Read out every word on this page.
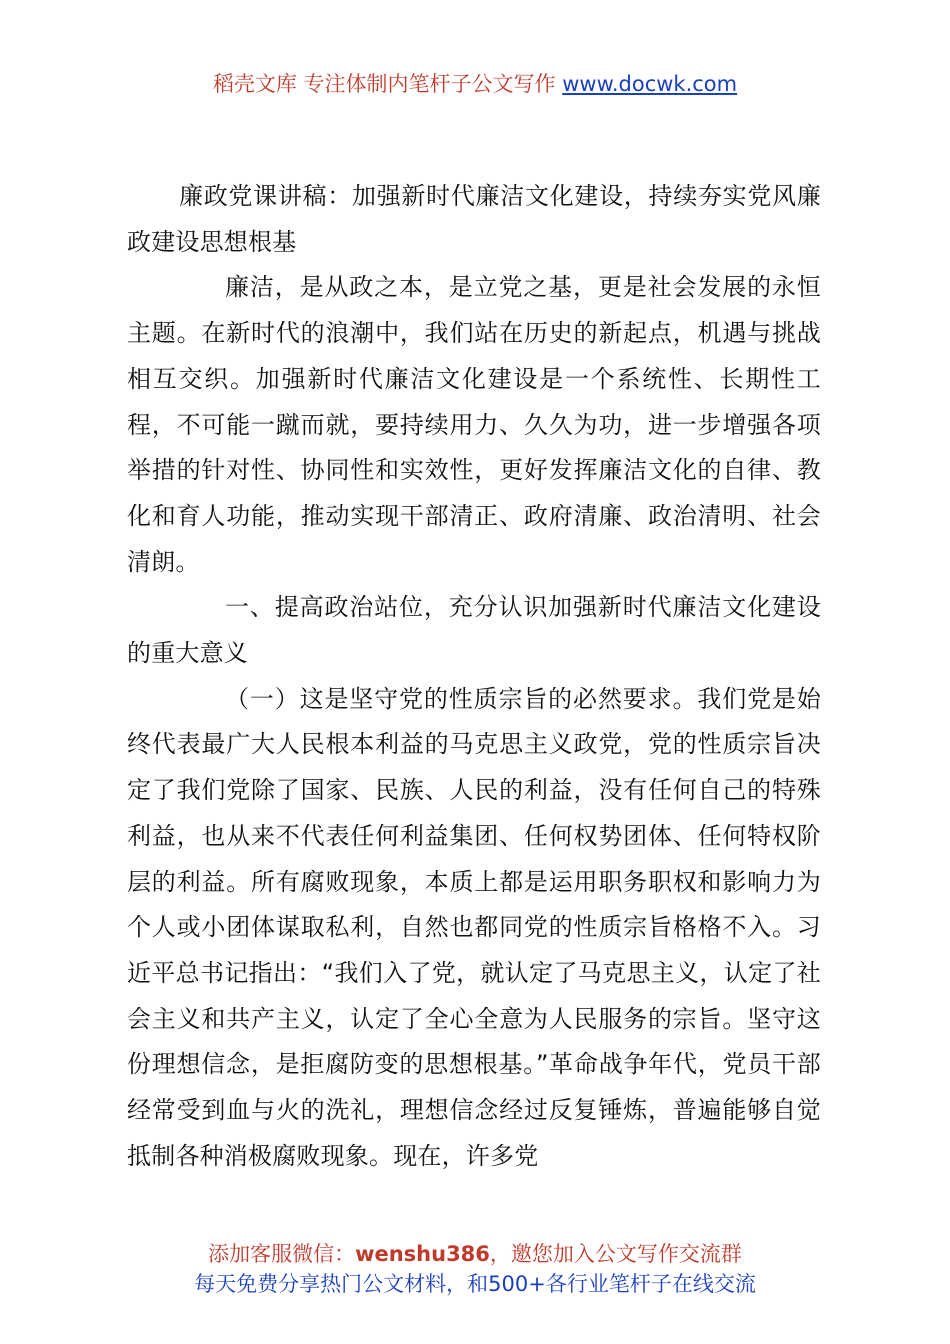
稻壳文库 专注体制内笔杆子公文写作 www.docwk.com

廉政党课讲稿：加强新时代廉洁文化建设，持续夯实党风廉政建设思想根基

廉洁，是从政之本，是立党之基，更是社会发展的永恒主题。在新时代的浪潮中，我们站在历史的新起点，机遇与挑战相互交织。加强新时代廉洁文化建设是一个系统性、长期性工程，不可能一蹴而就，要持续用力、久久为功，进一步增强各项举措的针对性、协同性和实效性，更好发挥廉洁文化的自律、教化和育人功能，推动实现干部清正、政府清廉、政治清明、社会清朗。

一、提高政治站位，充分认识加强新时代廉洁文化建设的重大意义

（一）这是坚守党的性质宗旨的必然要求。我们党是始终代表最广大人民根本利益的马克思主义政党，党的性质宗旨决定了我们党除了国家、民族、人民的利益，没有任何自己的特殊利益，也从来不代表任何利益集团、任何权势团体、任何特权阶层的利益。所有腐败现象，本质上都是运用职务职权和影响力为个人或小团体谋取私利，自然也都同党的性质宗旨格格不入。习近平总书记指出：“我们入了党，就认定了马克思主义，认定了社会主义和共产主义，认定了全心全意为人民服务的宗旨。坚守这份理想信念，是拒腐防变的思想根基。”革命战争年代，党员干部经常受到血与火的洗礼，理想信念经过反复锤炼，普遍能够自觉抵制各种消极腐败现象。现在，许多党

添加客服微信：wenshu386，邀您加入公文写作交流群
每天免费分享热门公文材料，和500+各行业笔杆子在线交流
